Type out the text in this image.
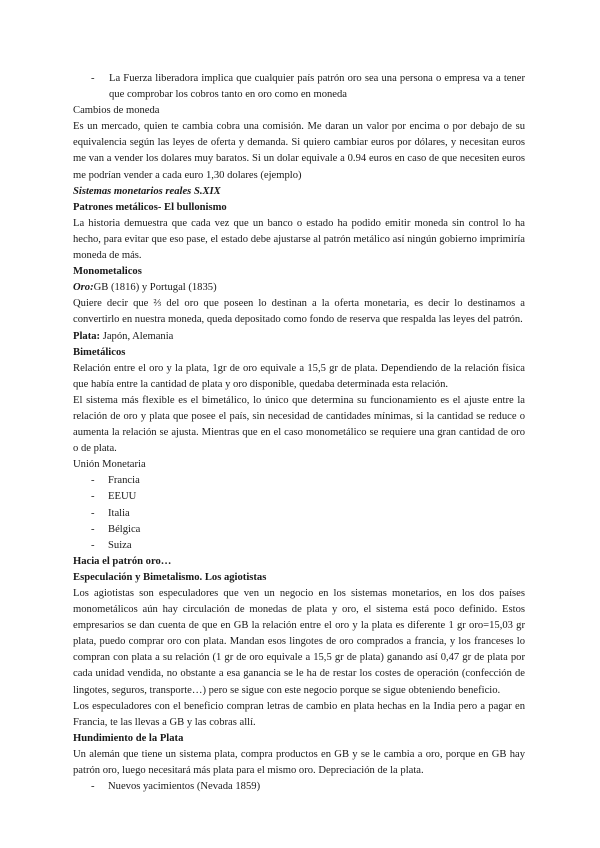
- La Fuerza liberadora implica que cualquier país patrón oro sea una persona o empresa va a tener que comprobar los cobros tanto en oro como en moneda

Cambios de moneda

Es un mercado, quien te cambia cobra una comisión. Me daran un valor por encima o por debajo de su equivalencia según las leyes de oferta y demanda. Si quiero cambiar euros por dólares, y necesitan euros me van a vender los dolares muy baratos. Si un dolar equivale a 0.94 euros en caso de que necesiten euros me podrían vender a cada euro 1,30 dolares (ejemplo)

Sistemas monetarios reales S.XIX

Patrones metálicos- El bullonismo

La historia demuestra que cada vez que un banco o estado ha podido emitir moneda sin control lo ha hecho, para evitar que eso pase, el estado debe ajustarse al patrón metálico así ningún gobierno imprimiría moneda de más.

Monometalicos

Oro:GB (1816) y Portugal (1835)

Quiere decir que ⅔ del oro que poseen lo destinan a la oferta monetaria, es decir lo destinamos a convertirlo en nuestra moneda, queda depositado como fondo de reserva que respalda las leyes del patrón.

Plata: Japón, Alemania

Bimetálicos

Relación entre el oro y la plata, 1gr de oro equivale a 15,5 gr de plata. Dependiendo de la relación física que había entre la cantidad de plata y oro disponible, quedaba determinada esta relación.

El sistema más flexible es el bimetálico, lo único que determina su funcionamiento es el ajuste entre la relación de oro y plata que posee el país, sin necesidad de cantidades mínimas, si la cantidad se reduce o aumenta la relación se ajusta. Mientras que en el caso monometálico se requiere una gran cantidad de oro o de plata.

Unión Monetaria

- Francia
- EEUU
- Italia
- Bélgica
- Suiza

Hacia el patrón oro…

Especulación y Bimetalismo. Los agiotistas

Los agiotistas son especuladores que ven un negocio en los sistemas monetarios, en los dos países monometálicos aún hay circulación de monedas de plata y oro, el sistema está poco definido. Estos empresarios se dan cuenta de que en GB la relación entre el oro y la plata es diferente 1 gr oro=15,03 gr plata, puedo comprar oro con plata. Mandan esos lingotes de oro comprados a francia, y los franceses lo compran con plata a su relación (1 gr de oro equivale a 15,5 gr de plata) ganando así 0,47 gr de plata por cada unidad vendida, no obstante a esa ganancia se le ha de restar los costes de operación (confección de lingotes, seguros, transporte…) pero se sigue con este negocio porque se sigue obteniendo beneficio.

Los especuladores con el beneficio compran letras de cambio en plata hechas en la India pero a pagar en Francia, te las llevas a GB y las cobras allí.

Hundimiento de la Plata

Un alemán que tiene un sistema plata, compra productos en GB y se le cambia a oro, porque en GB hay patrón oro, luego necesitará más plata para el mismo oro. Depreciación de la plata.

- Nuevos yacimientos (Nevada 1859)
